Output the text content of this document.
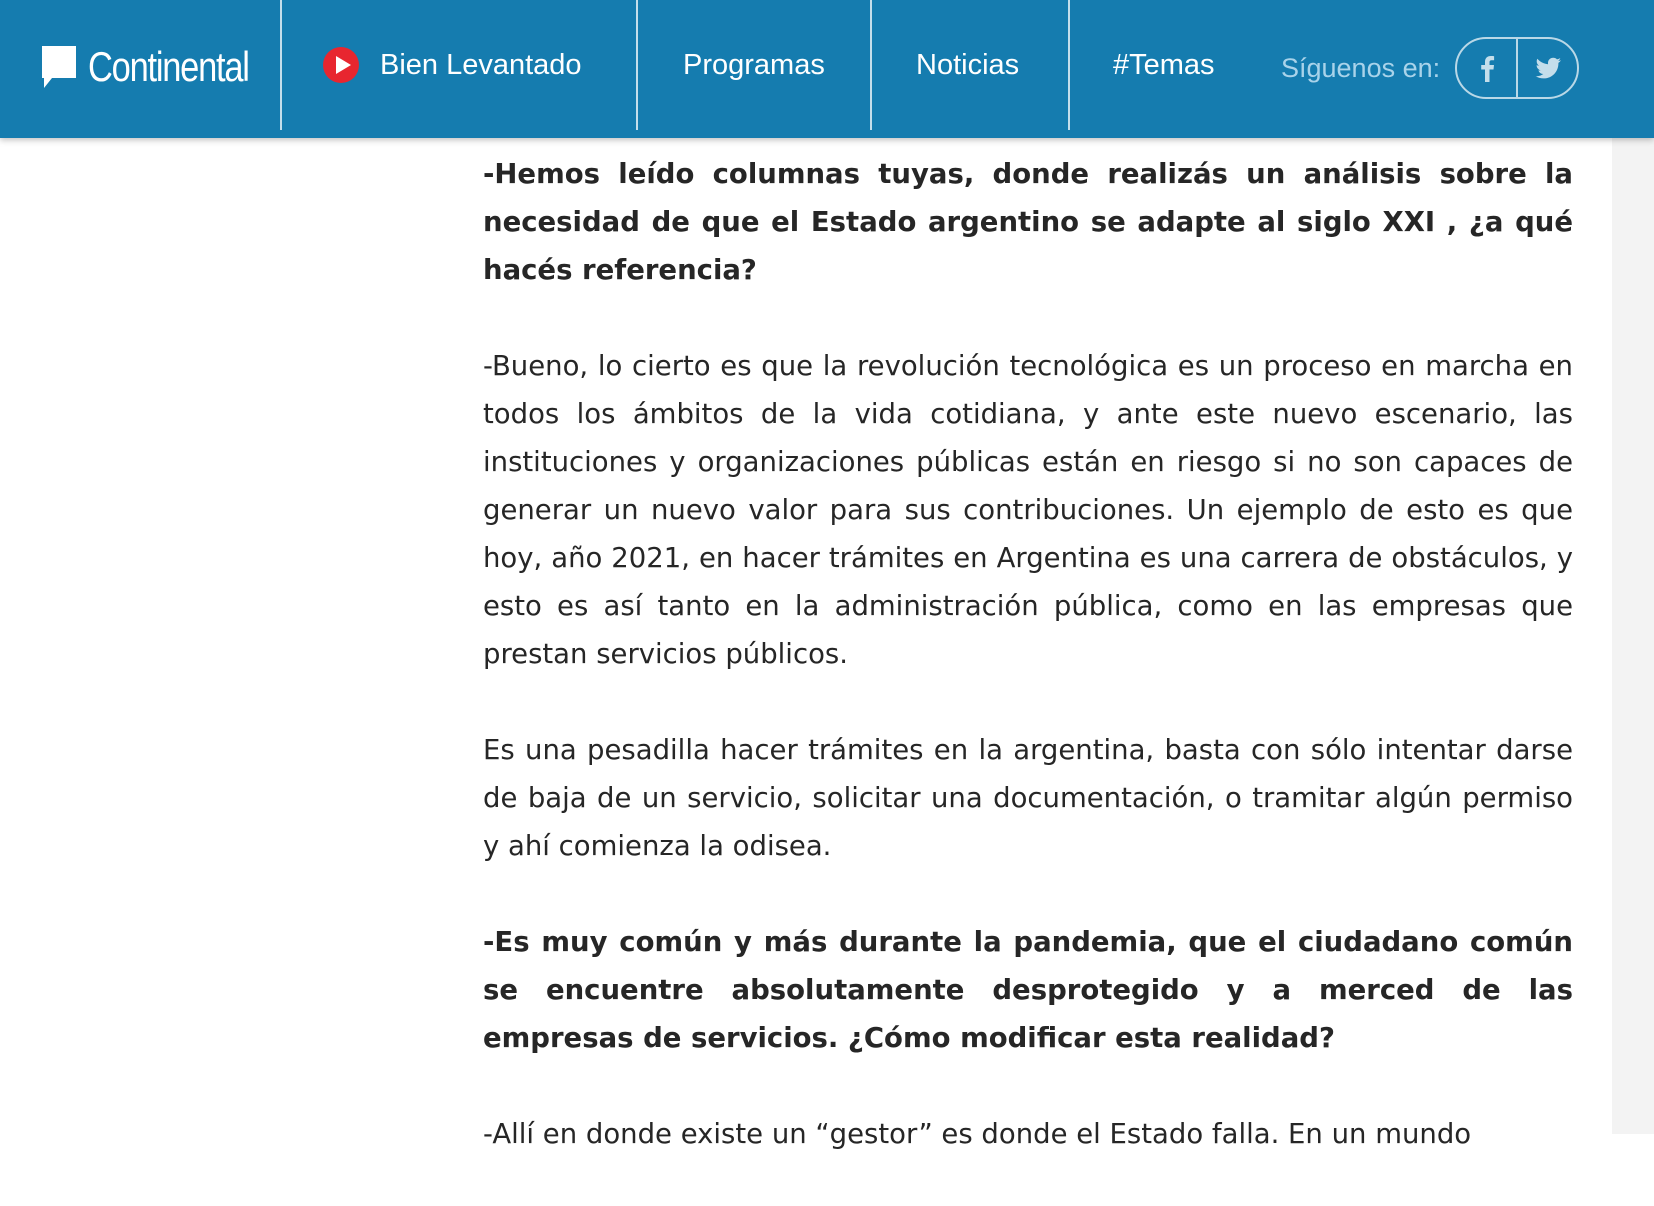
Continental	Bien Levantado	Programas	Noticias	#Temas Síguenos en:

-Hemos leído columnas tuyas, donde realizás un análisis sobre la necesidad de que el Estado argentino se adapte al siglo XXI , ¿a qué hacés referencia?

-Bueno, lo cierto es que la revolución tecnológica es un proceso en marcha en todos los ámbitos de la vida cotidiana, y ante este nuevo escenario, las instituciones y organizaciones públicas están en riesgo si no son capaces de generar un nuevo valor para sus contribuciones. Un ejemplo de esto es que hoy, año 2021, en hacer trámites en Argentina es una carrera de obstáculos, y esto es así tanto en la administración pública, como en las empresas que prestan servicios públicos.

Es una pesadilla hacer trámites en la argentina, basta con sólo intentar darse de baja de un servicio, solicitar una documentación, o tramitar algún permiso y ahí comienza la odisea.

-Es muy común y más durante la pandemia, que el ciudadano común se encuentre absolutamente desprotegido y a merced de las empresas de servicios. ¿Cómo modificar esta realidad?

-Allí en donde existe un “gestor” es donde el Estado falla. En un mundo
